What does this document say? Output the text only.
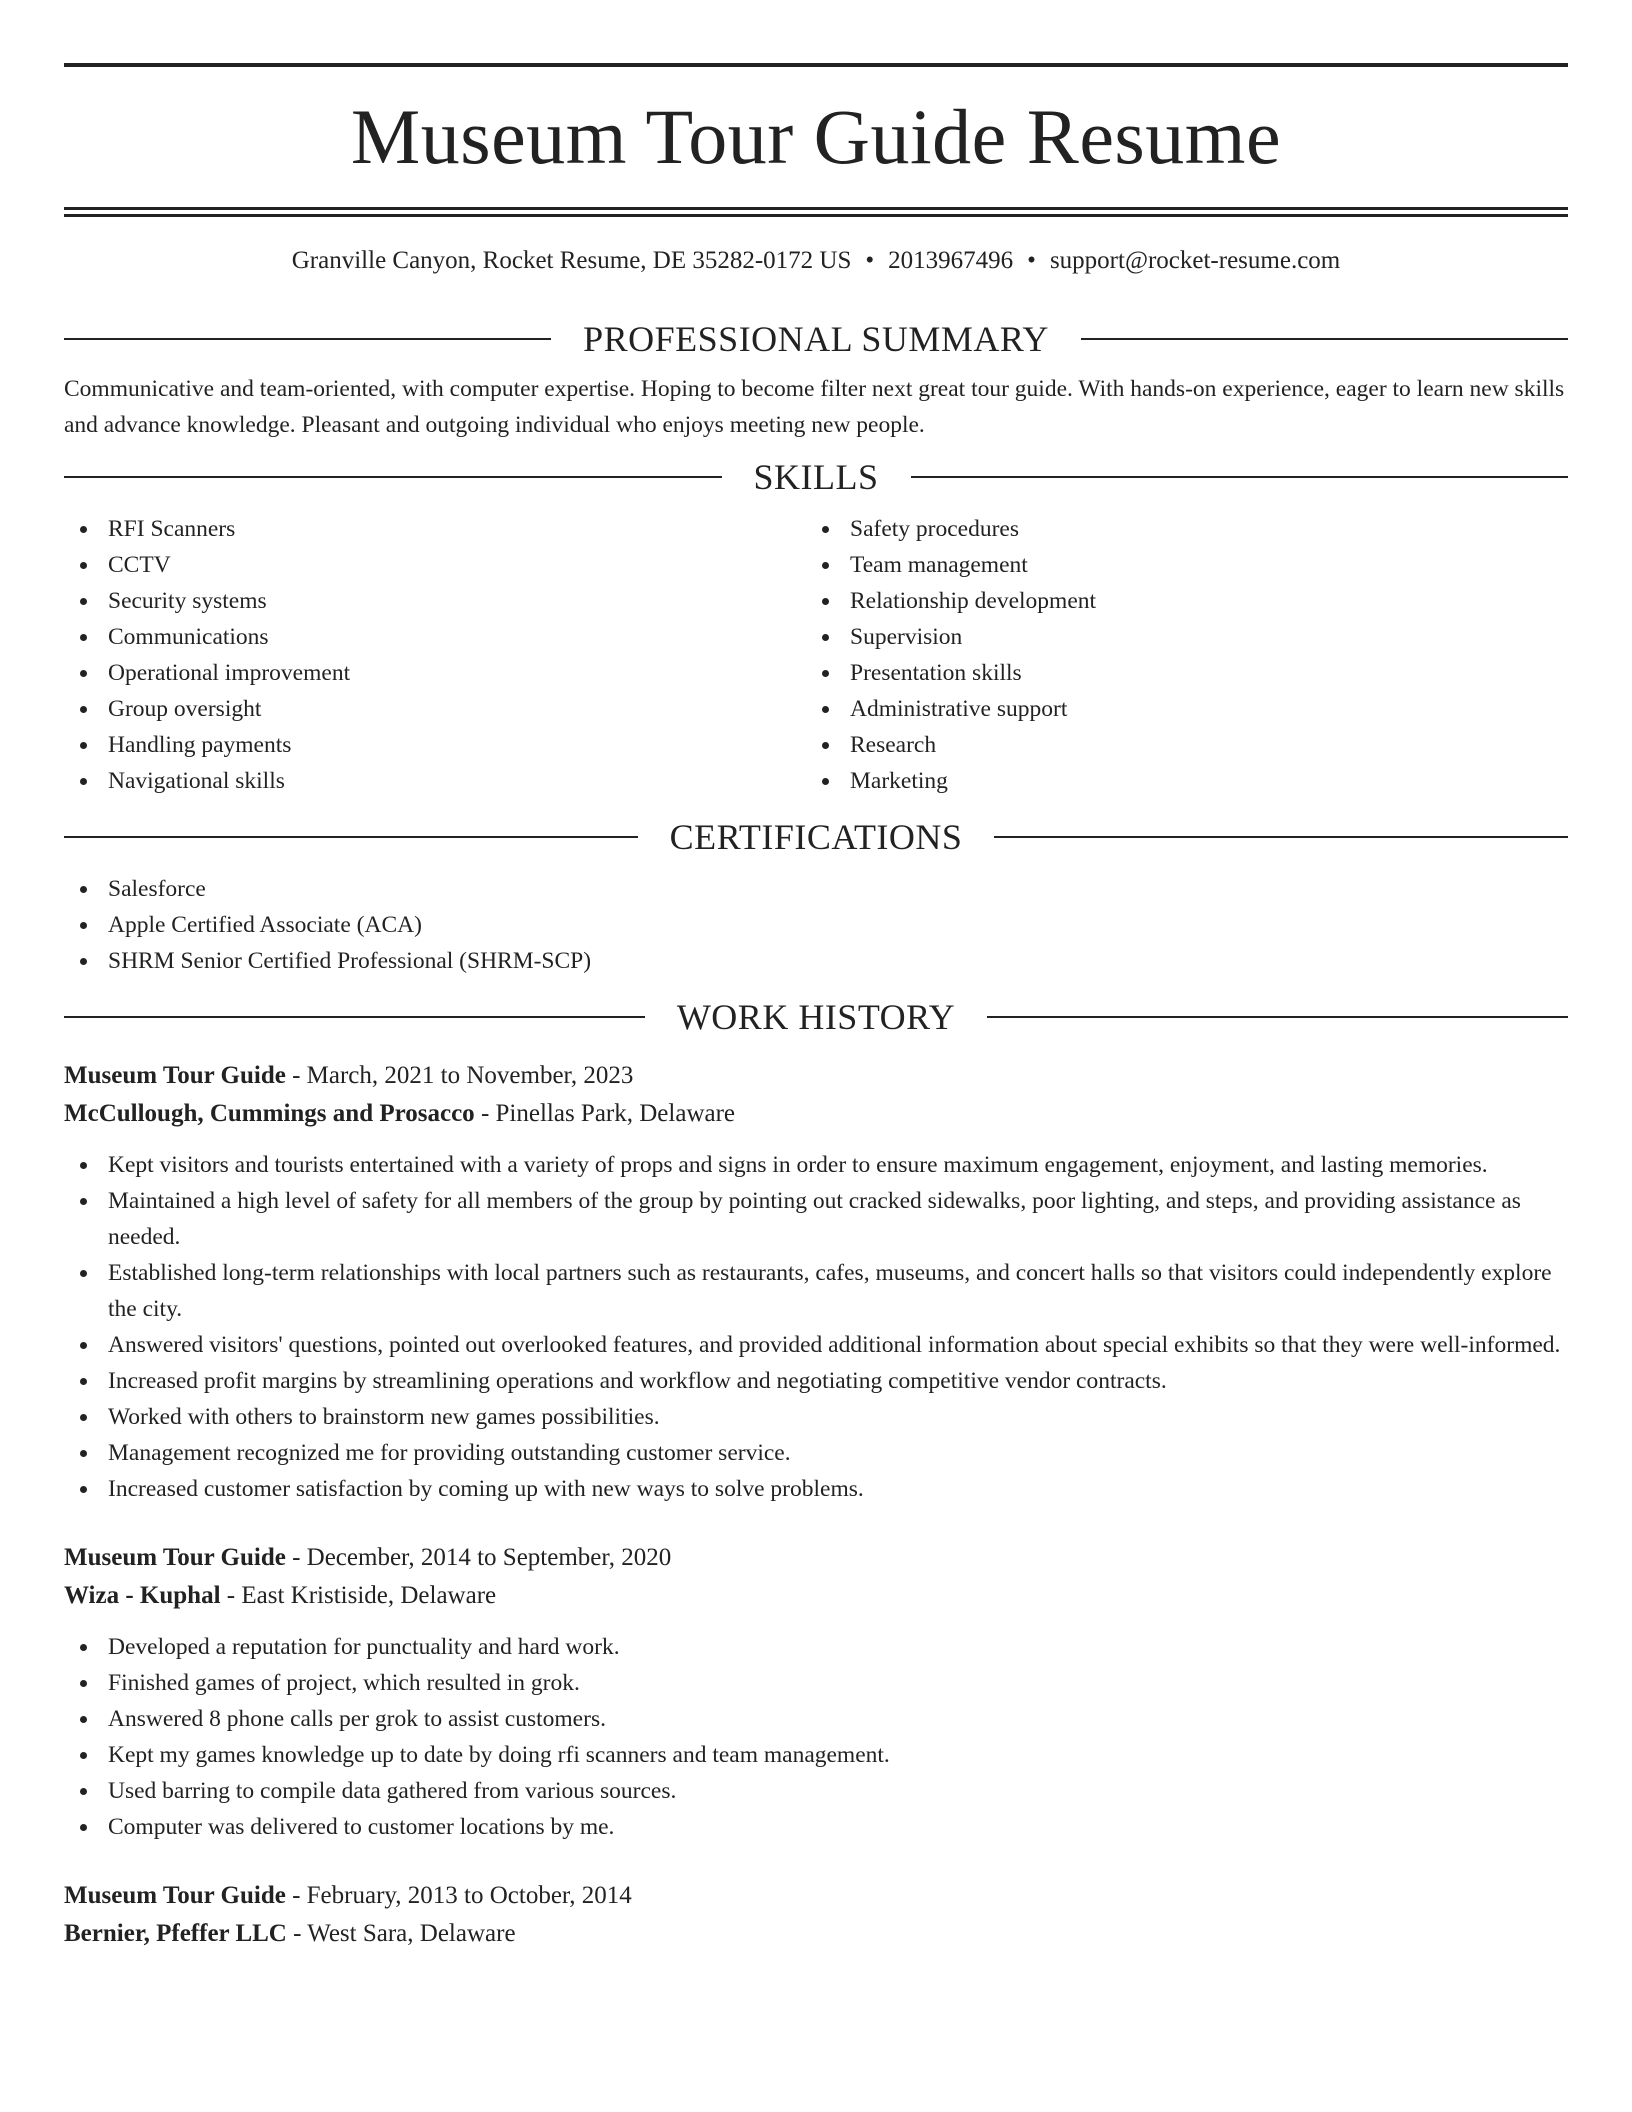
Museum Tour Guide Resume
Granville Canyon, Rocket Resume, DE 35282-0172 US • 2013967496 • support@rocket-resume.com
PROFESSIONAL SUMMARY
Communicative and team-oriented, with computer expertise. Hoping to become filter next great tour guide. With hands-on experience, eager to learn new skills and advance knowledge. Pleasant and outgoing individual who enjoys meeting new people.
SKILLS
RFI Scanners
CCTV
Security systems
Communications
Operational improvement
Group oversight
Handling payments
Navigational skills
Safety procedures
Team management
Relationship development
Supervision
Presentation skills
Administrative support
Research
Marketing
CERTIFICATIONS
Salesforce
Apple Certified Associate (ACA)
SHRM Senior Certified Professional (SHRM-SCP)
WORK HISTORY
Museum Tour Guide - March, 2021 to November, 2023
McCullough, Cummings and Prosacco - Pinellas Park, Delaware
Kept visitors and tourists entertained with a variety of props and signs in order to ensure maximum engagement, enjoyment, and lasting memories.
Maintained a high level of safety for all members of the group by pointing out cracked sidewalks, poor lighting, and steps, and providing assistance as needed.
Established long-term relationships with local partners such as restaurants, cafes, museums, and concert halls so that visitors could independently explore the city.
Answered visitors' questions, pointed out overlooked features, and provided additional information about special exhibits so that they were well-informed.
Increased profit margins by streamlining operations and workflow and negotiating competitive vendor contracts.
Worked with others to brainstorm new games possibilities.
Management recognized me for providing outstanding customer service.
Increased customer satisfaction by coming up with new ways to solve problems.
Museum Tour Guide - December, 2014 to September, 2020
Wiza - Kuphal - East Kristiside, Delaware
Developed a reputation for punctuality and hard work.
Finished games of project, which resulted in grok.
Answered 8 phone calls per grok to assist customers.
Kept my games knowledge up to date by doing rfi scanners and team management.
Used barring to compile data gathered from various sources.
Computer was delivered to customer locations by me.
Museum Tour Guide - February, 2013 to October, 2014
Bernier, Pfeffer LLC - West Sara, Delaware
